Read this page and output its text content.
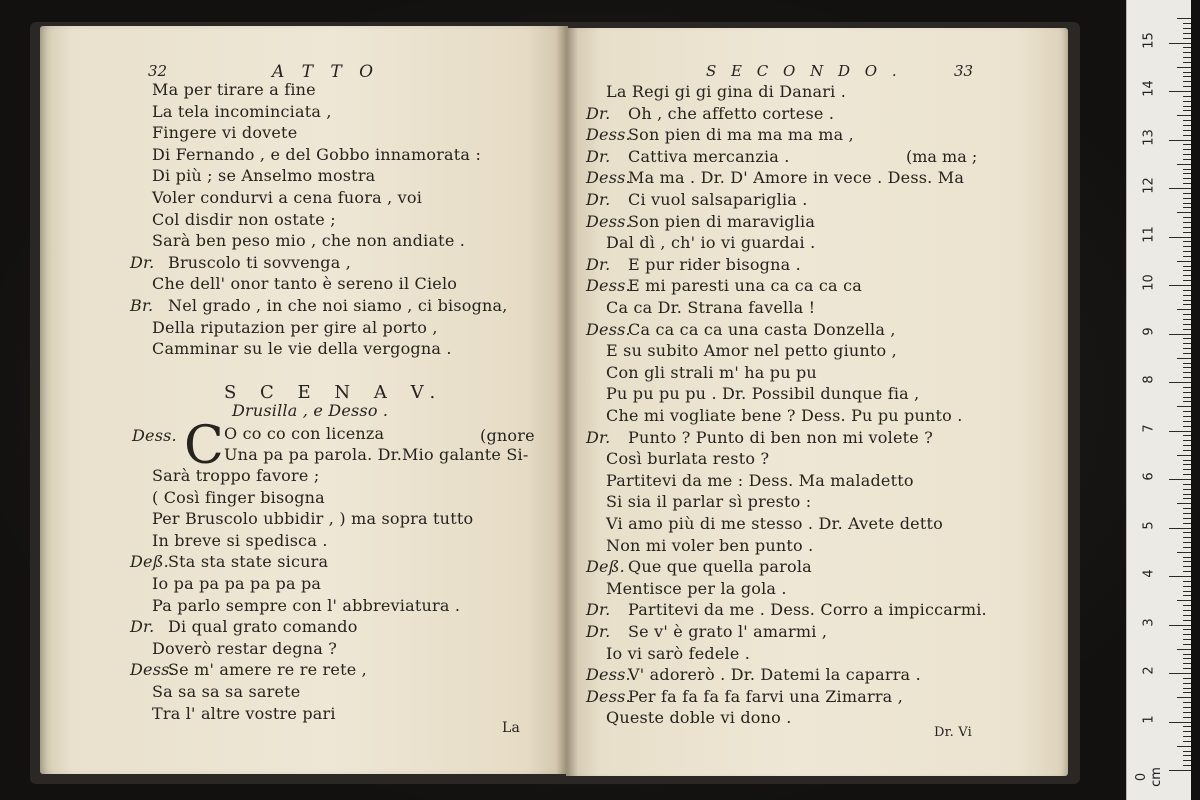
32	A T T O
Ma per tirare a fine
La tela incominciata ,
Fingere vi dovete
Di Fernando , e del Gobbo innamorata :
Di più ; se Anselmo mostra
Voler condurvi a cena fuora , voi
Col disdir non ostate ;
Sarà ben peso mio , che non andiate .
Dr. Bruscolo ti sovvenga ,
Che dell' onor tanto è sereno il Cielo
Br. Nel grado , in che noi siamo , ci bisogna,
Della riputazion per gire al porto ,
Camminar su le vie della vergogna .
S C E N A V.
Drusilla , e Desso .
Dess. C O co co con licenza	(gnore
Una pa pa parola. Dr.Mio galante Si-
Sarà troppo favore ;
( Così finger bisogna
Per Bruscolo ubbidir , ) ma sopra tutto
In breve si spedisca .
Deß. Sta sta state sicura
Io pa pa pa pa pa pa
Pa parlo sempre con l' abbreviatura .
Dr. Di qual grato comando
Doverò restar degna ?
Dess.
Se m' amere re re rete ,
Sa sa sa sa sarete
Tra l' altre vostre pari
La
S E C O N D O .	33
La Regi gi gi gina di Danari .
Dr. Oh , che affetto cortese .
Dess.
Son pien di ma ma ma ma ,
Dr. Cattiva mercanzia .	(ma ma ;
Dess.
Ma ma . Dr. D' Amore in vece . Dess. Ma
Dr. Ci vuol salsapariglia .
Dess.
Son pien di maraviglia
Dal dì , ch' io vi guardai .
Dr. E pur rider bisogna .
Dess.
E mi paresti una ca ca ca ca
Ca ca Dr. Strana favella !
Dess.
Ca ca ca ca una casta Donzella ,
E su subito Amor nel petto giunto ,
Con gli strali m' ha pu pu
Pu pu pu pu . Dr. Possibil dunque fia ,
Che mi vogliate bene ? Dess. Pu pu punto .
Dr. Punto ? Punto di ben non mi volete ?
Così burlata resto ?
Partitevi da me : Dess. Ma maladetto
Si sia il parlar sì presto :
Vi amo più di me stesso . Dr. Avete detto
Non mi voler ben punto .
Deß. Que que quella parola
Mentisce per la gola .
Dr. Partitevi da me . Dess. Corro a impiccarmi.
Dr. Se v' è grato l' amarmi ,
Io vi sarò fedele .
Dess.
V' adorerò . Dr. Datemi la caparra .
Dess.
Per fa fa fa fa farvi una Zimarra ,
Queste doble vi dono .
Dr. Vi
0 cm
1
2
3
4
5
6
7
8
9
10
11
12
13
14
15
